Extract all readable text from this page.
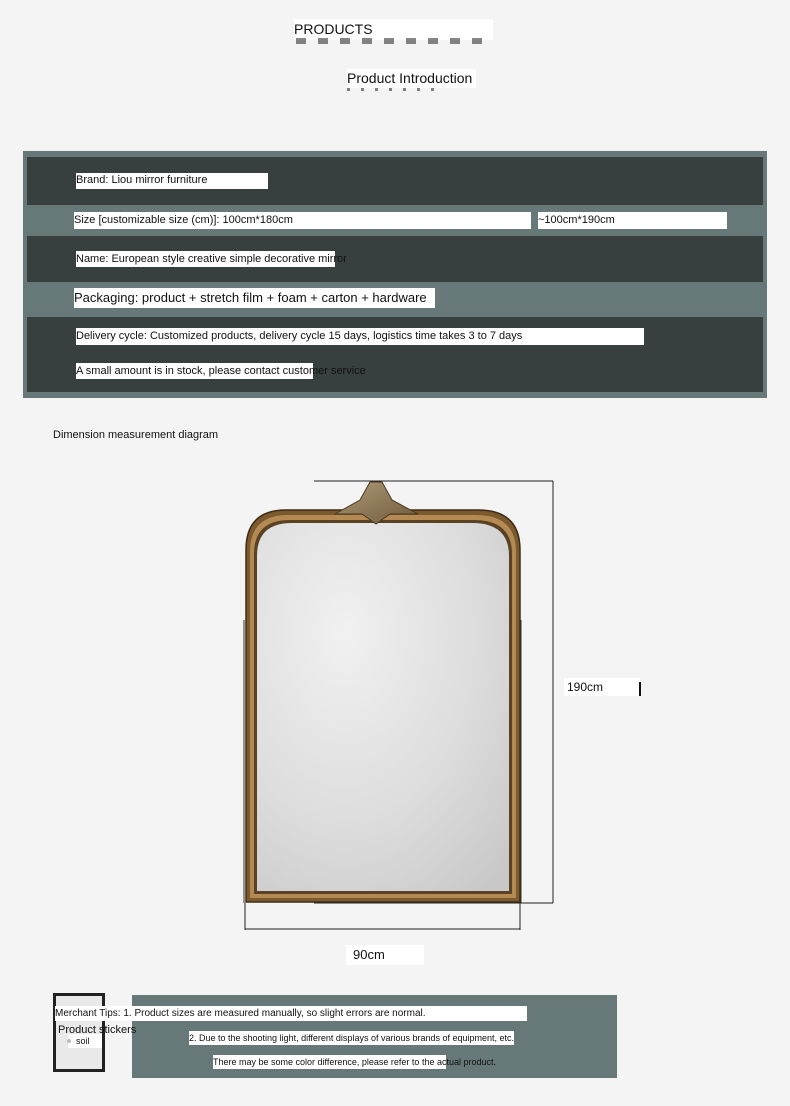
PRODUCTS
Product Introduction
Brand: Liou mirror furniture
Size [customizable size (cm)]: 100cm*180cm	~100cm*190cm
Name: European style creative simple decorative mirror
Packaging: product + stretch film + foam + carton + hardware
Delivery cycle: Customized products, delivery cycle 15 days, logistics time takes 3 to 7 days
A small amount is in stock, please contact customer service
Dimension measurement diagram
190cm
90cm
soil
Merchant Tips: 1. Product sizes are measured manually, so slight errors are normal.
Product stickers
2. Due to the shooting light, different displays of various brands of equipment, etc.
There may be some color difference, please refer to the actual product.
